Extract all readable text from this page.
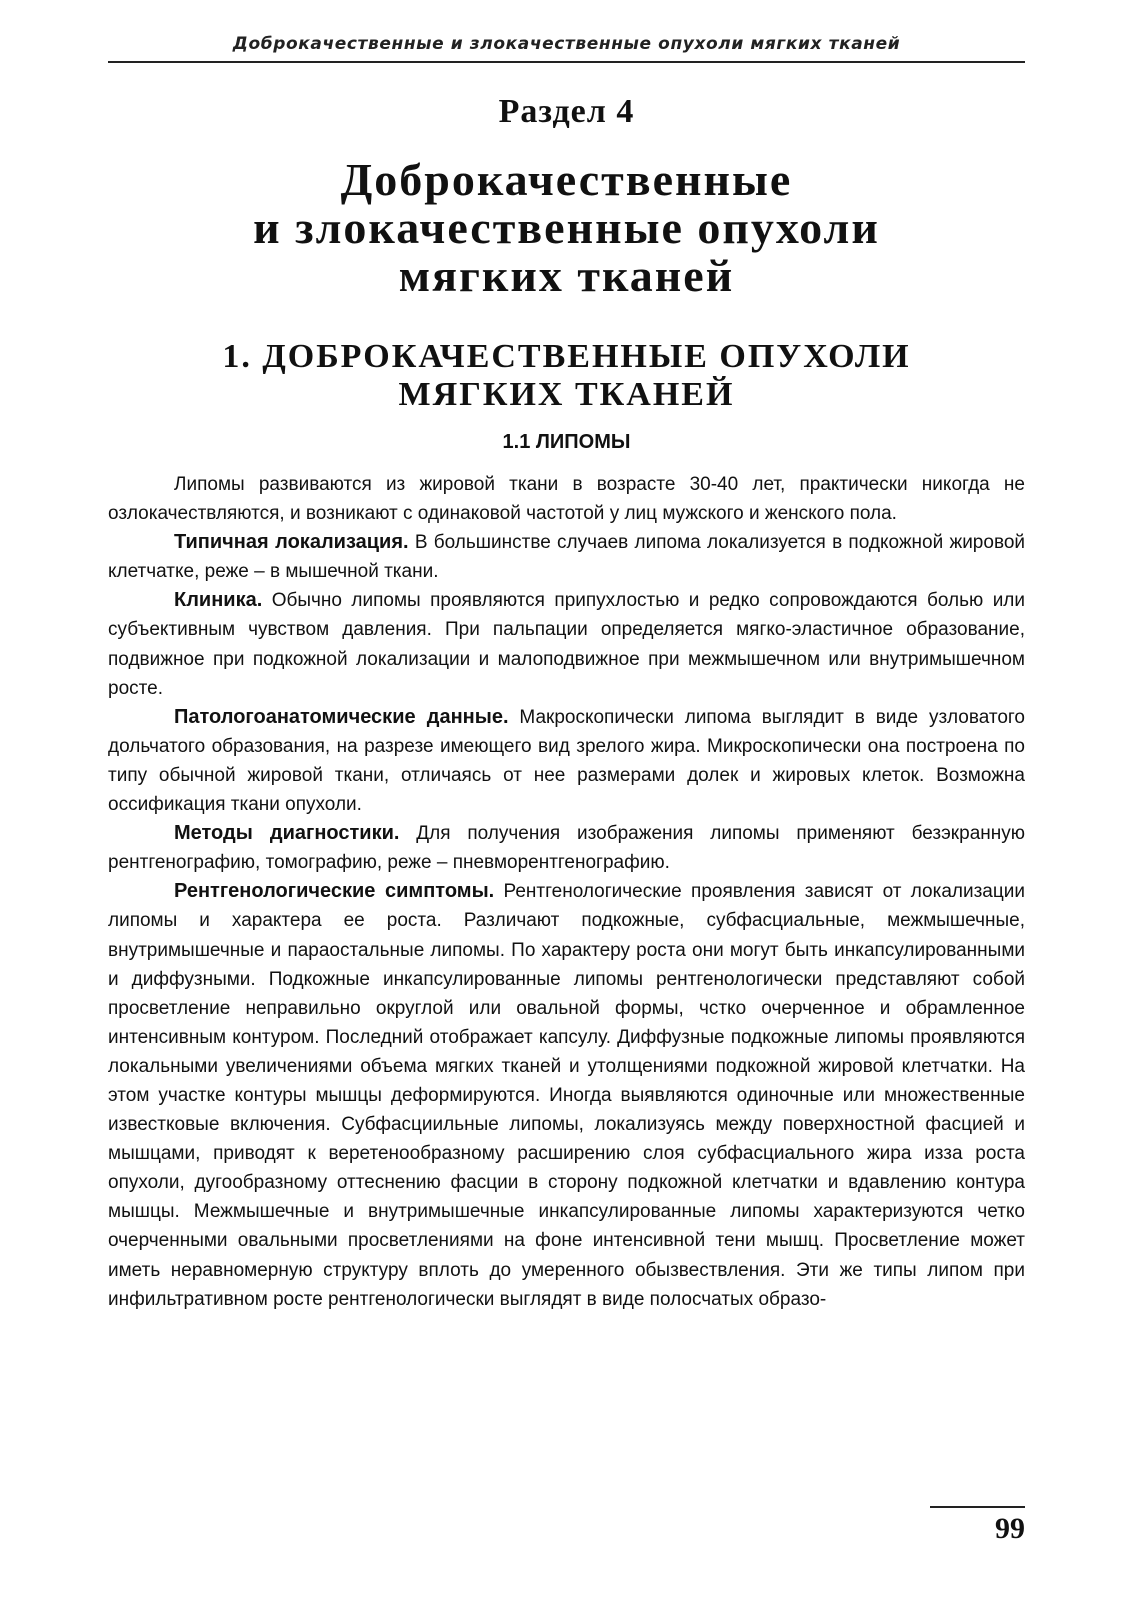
Доброкачественные и злокачественные опухоли мягких тканей
Раздел 4
Доброкачественные
и злокачественные опухоли
мягких тканей
1. ДОБРОКАЧЕСТВЕННЫЕ ОПУХОЛИ
МЯГКИХ ТКАНЕЙ
1.1 ЛИПОМЫ

Липомы развиваются из жировой ткани в возрасте 30-40 лет, практически никогда не озлокачествляются, и возникают с одинаковой частотой у лиц мужского и женского пола.

Типичная локализация. В большинстве случаев липома локализуется в подкожной жировой клетчатке, реже – в мышечной ткани.

Клиника. Обычно липомы проявляются припухлостью и редко сопровождаются болью или субъективным чувством давления. При пальпации определяется мягко-эластичное образование, подвижное при подкожной локализации и малоподвижное при межмышечном или внутримышечном росте.

Патологоанатомические данные. Макроскопически липома выглядит в виде узловатого дольчатого образования, на разрезе имеющего вид зрелого жира. Микроскопически она построена по типу обычной жировой ткани, отличаясь от нее размерами долек и жировых клеток. Возможна оссификация ткани опухоли.

Методы диагностики. Для получения изображения липомы применяют безэкранную рентгенографию, томографию, реже – пневморентгенографию.

Рентгенологические симптомы. Рентгенологические проявления зависят от локализации липомы и характера ее роста. Различают подкожные, субфасциальные, межмышечные, внутримышечные и параостальные липомы. По характеру роста они могут быть инкапсулированными и диффузными. Подкожные инкапсулированные липомы рентгенологически представляют собой просветление неправильно округлой или овальной формы, чстко очерченное и обрамленное интенсивным контуром. Последний отображает капсулу. Диффузные подкожные липомы проявляются локальными увеличениями объема мягких тканей и утолщениями подкожной жировой клетчатки. На этом участке контуры мышцы деформируются. Иногда выявляются одиночные или множественные известковые включения. Субфасциильные липомы, локализуясь между поверхностной фасцией и мышцами, приводят к веретенообразному расширению слоя субфасциального жира изза роста опухоли, дугообразному оттеснению фасции в сторону подкожной клетчатки и вдавлению контура мышцы. Межмышечные и внутримышечные инкапсулированные липомы характеризуются четко очерченными овальными просветлениями на фоне интенсивной тени мышц. Просветление может иметь неравномерную структуру вплоть до умеренного обызвествления. Эти же типы липом при инфильтративном росте рентгенологически выглядят в виде полосчатых образо-

99
